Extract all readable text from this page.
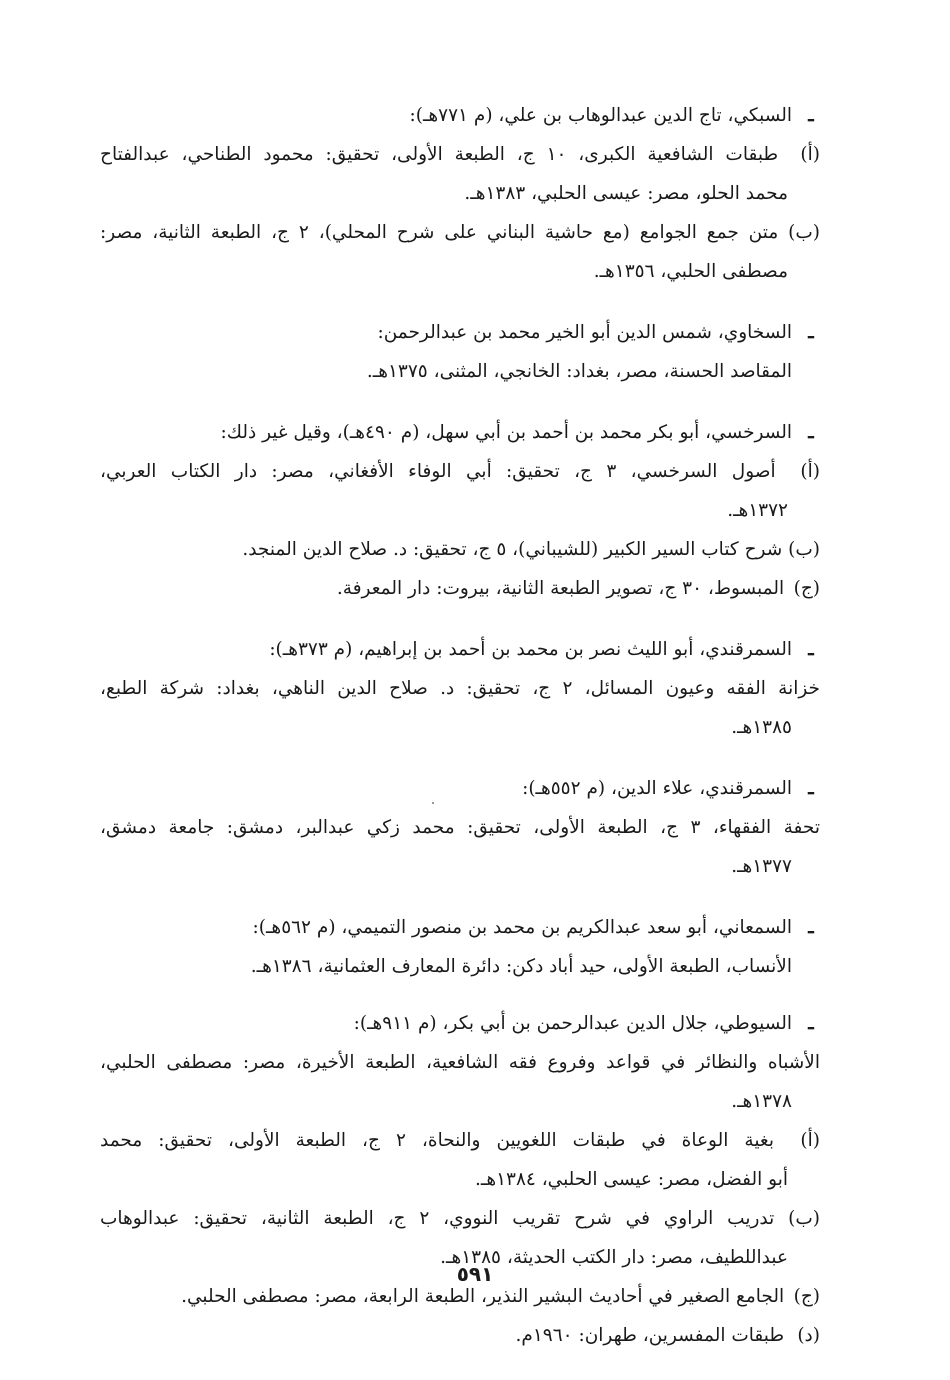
ـ
السبكي، تاج الدين عبدالوهاب بن علي، (م ٧٧١هـ):
(أ) طبقات الشافعية الكبرى، ١٠ ج، الطبعة الأولى، تحقيق: محمود الطناحي، عبدالفتاح
محمد الحلو، مصر: عيسى الحلبي، ١٣٨٣هـ.
(ب) متن جمع الجوامع (مع حاشية البناني على شرح المحلي)، ٢ ج، الطبعة الثانية، مصر:
مصطفى الحلبي، ١٣٥٦هـ.
ـ
السخاوي، شمس الدين أبو الخير محمد بن عبدالرحمن:
المقاصد الحسنة، مصر، بغداد: الخانجي، المثنى، ١٣٧٥هـ.
ـ
السرخسي، أبو بكر محمد بن أحمد بن أبي سهل، (م ٤٩٠هـ)، وقيل غير ذلك:
(أ) أصول السرخسي، ٣ ج، تحقيق: أبي الوفاء الأفغاني، مصر: دار الكتاب العربي،
١٣٧٢هـ.
(ب) شرح كتاب السير الكبير (للشيباني)، ٥ ج، تحقيق: د. صلاح الدين المنجد.
(ج) المبسوط، ٣٠ ج، تصوير الطبعة الثانية، بيروت: دار المعرفة.
ـ
السمرقندي، أبو الليث نصر بن محمد بن أحمد بن إبراهيم، (م ٣٧٣هـ):
خزانة الفقه وعيون المسائل، ٢ ج، تحقيق: د. صلاح الدين الناهي، بغداد: شركة الطبع،
١٣٨٥هـ.
ـ
السمرقندي، علاء الدين، (م ٥٥٢هـ):
تحفة الفقهاء، ٣ ج، الطبعة الأولى، تحقيق: محمد زكي عبدالبر، دمشق: جامعة دمشق،
١٣٧٧هـ.
ـ
السمعاني، أبو سعد عبدالكريم بن محمد بن منصور التميمي، (م ٥٦٢هـ):
الأنساب، الطبعة الأولى، حيد أباد دكن: دائرة المعارف العثمانية، ١٣٨٦هـ.
ـ
السيوطي، جلال الدين عبدالرحمن بن أبي بكر، (م ٩١١هـ):
الأشباه والنظائر في قواعد وفروع فقه الشافعية، الطبعة الأخيرة، مصر: مصطفى الحلبي،
١٣٧٨هـ.
(أ) بغية الوعاة في طبقات اللغويين والنحاة، ٢ ج، الطبعة الأولى، تحقيق: محمد
أبو الفضل، مصر: عيسى الحلبي، ١٣٨٤هـ.
(ب) تدريب الراوي في شرح تقريب النووي، ٢ ج، الطبعة الثانية، تحقيق: عبدالوهاب
عبداللطيف، مصر: دار الكتب الحديثة، ١٣٨٥هـ.
(ج) الجامع الصغير في أحاديث البشير النذير، الطبعة الرابعة، مصر: مصطفى الحلبي.
(د) طبقات المفسرين، طهران: ١٩٦٠م.
٥٩١
